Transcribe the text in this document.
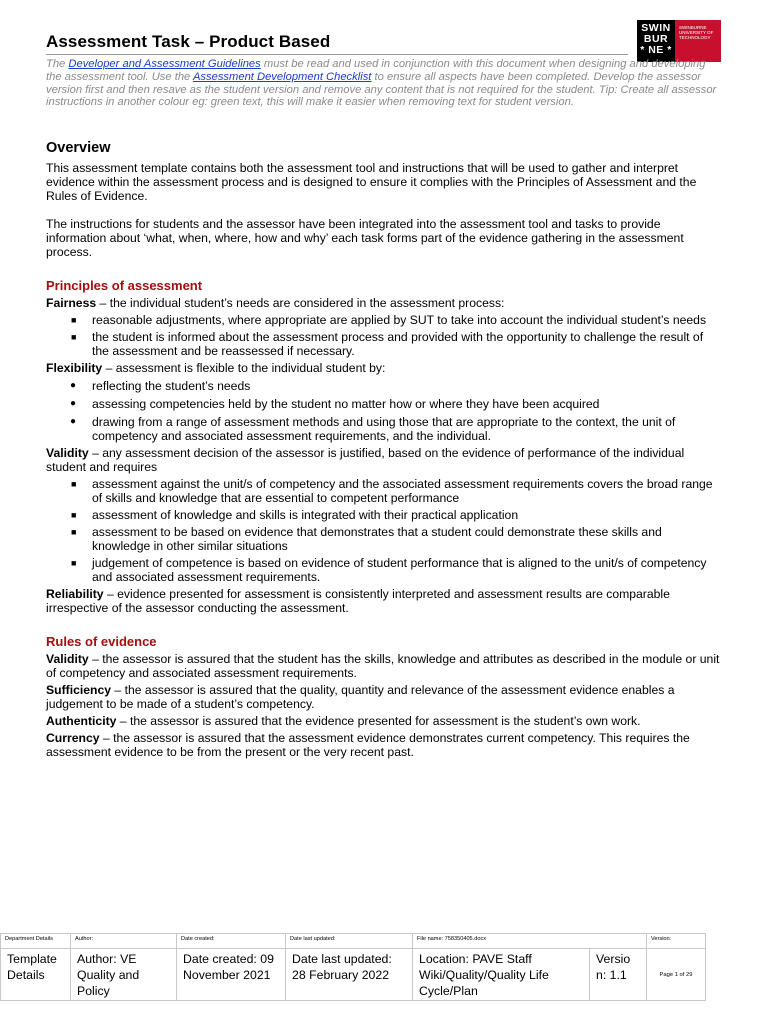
Assessment Task – Product Based
SWIN
BUR
* NE *
SWINBURNE
UNIVERSITY OF
TECHNOLOGY
The Developer and Assessment Guidelines must be read and used in conjunction with this document when designing and developing the assessment tool. Use the Assessment Development Checklist to ensure all aspects have been completed. Develop the assessor version first and then resave as the student version and remove any content that is not required for the student. Tip: Create all assessor instructions in another colour eg: green text, this will make it easier when removing text for student version.
Overview

This assessment template contains both the assessment tool and instructions that will be used to gather and interpret evidence within the assessment process and is designed to ensure it complies with the Principles of Assessment and the Rules of Evidence.

The instructions for students and the assessor have been integrated into the assessment tool and tasks to provide information about ‘what, when, where, how and why’ each task forms part of the evidence gathering in the assessment process.

Principles of assessment

Fairness – the individual student’s needs are considered in the assessment process:

■ reasonable adjustments, where appropriate are applied by SUT to take into account the individual student’s needs
■ the student is informed about the assessment process and provided with the opportunity to challenge the result of the assessment and be reassessed if necessary.

Flexibility – assessment is flexible to the individual student by:

● reflecting the student’s needs
● assessing competencies held by the student no matter how or where they have been acquired
● drawing from a range of assessment methods and using those that are appropriate to the context, the unit of competency and associated assessment requirements, and the individual.

Validity – any assessment decision of the assessor is justified, based on the evidence of performance of the individual student and requires

■ assessment against the unit/s of competency and the associated assessment requirements covers the broad range of skills and knowledge that are essential to competent performance
■ assessment of knowledge and skills is integrated with their practical application
■ assessment to be based on evidence that demonstrates that a student could demonstrate these skills and knowledge in other similar situations
■ judgement of competence is based on evidence of student performance that is aligned to the unit/s of competency and associated assessment requirements.

Reliability – evidence presented for assessment is consistently interpreted and assessment results are comparable irrespective of the assessor conducting the assessment.

Rules of evidence

Validity – the assessor is assured that the student has the skills, knowledge and attributes as described in the module or unit of competency and associated assessment requirements.

Sufficiency – the assessor is assured that the quality, quantity and relevance of the assessment evidence enables a judgement to be made of a student’s competency.

Authenticity – the assessor is assured that the evidence presented for assessment is the student’s own work.

Currency – the assessor is assured that the assessment evidence demonstrates current competency. This requires the assessment evidence to be from the present or the very recent past.

Department Details	Author:	Date created:	Date last updated:	File name: 758350405.docx		Version:
Template Details	Author: VE Quality and Policy	Date created: 09 November 2021	Date last updated: 28 February 2022	Location: PAVE Staff Wiki/Quality/Quality Life Cycle/Plan	Version: 1.1	Page 1 of 29
